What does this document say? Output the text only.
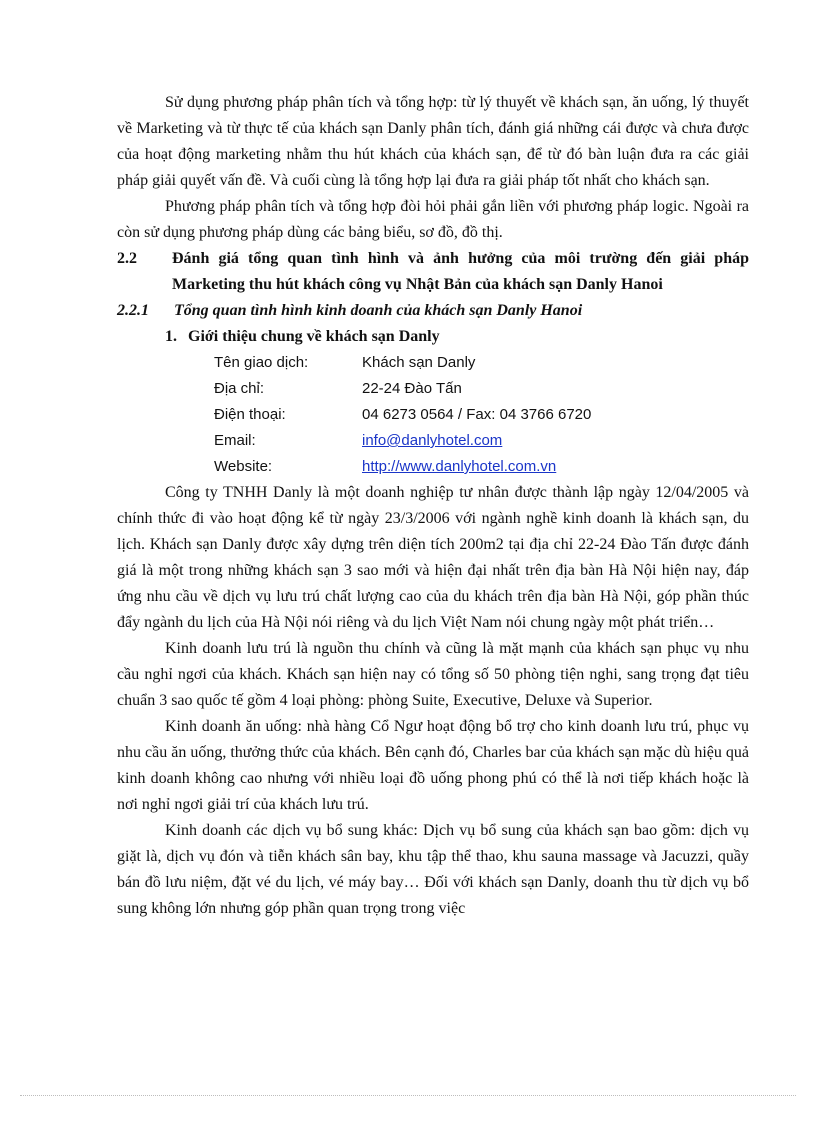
Sử dụng phương pháp phân tích và tổng hợp: từ lý thuyết về khách sạn, ăn uống, lý thuyết về Marketing và từ thực tế của khách sạn Danly phân tích, đánh giá những cái được và chưa được của hoạt động marketing nhằm thu hút khách của khách sạn, để từ đó bàn luận đưa ra các giải pháp giải quyết vấn đề. Và cuối cùng là tổng hợp lại đưa ra giải pháp tốt nhất cho khách sạn.

Phương pháp phân tích và tổng hợp đòi hỏi phải gắn liền với phương pháp logic. Ngoài ra còn sử dụng phương pháp dùng các bảng biểu, sơ đồ, đồ thị.

2.2	Đánh giá tổng quan tình hình và ảnh hưởng của môi trường đến giải pháp Marketing thu hút khách công vụ Nhật Bản của khách sạn Danly Hanoi
2.2.1	Tổng quan tình hình kinh doanh của khách sạn Danly Hanoi
1. Giới thiệu chung về khách sạn Danly
Tên giao dịch:	Khách sạn Danly
Địa chỉ:	22-24 Đào Tấn
Điện thoại:	04 6273 0564 / Fax: 04 3766 6720
Email:	info@danlyhotel.com
Website:	http://www.danlyhotel.com.vn

Công ty TNHH Danly là một doanh nghiệp tư nhân được thành lập ngày 12/04/2005 và chính thức đi vào hoạt động kể từ ngày 23/3/2006 với ngành nghề kinh doanh là khách sạn, du lịch. Khách sạn Danly được xây dựng trên diện tích 200m2 tại địa chỉ 22-24 Đào Tấn được đánh giá là một trong những khách sạn 3 sao mới và hiện đại nhất trên địa bàn Hà Nội hiện nay, đáp ứng nhu cầu về dịch vụ lưu trú chất lượng cao của du khách trên địa bàn Hà Nội, góp phần thúc đẩy ngành du lịch của Hà Nội nói riêng và du lịch Việt Nam nói chung ngày một phát triển…

Kinh doanh lưu trú là nguồn thu chính và cũng là mặt mạnh của khách sạn phục vụ nhu cầu nghỉ ngơi của khách. Khách sạn hiện nay có tổng số 50 phòng tiện nghi, sang trọng đạt tiêu chuẩn 3 sao quốc tế gồm 4 loại phòng: phòng Suite, Executive, Deluxe và Superior.

Kinh doanh ăn uống: nhà hàng Cổ Ngư hoạt động bổ trợ cho kinh doanh lưu trú, phục vụ nhu cầu ăn uống, thưởng thức của khách. Bên cạnh đó, Charles bar của khách sạn mặc dù hiệu quả kinh doanh không cao nhưng với nhiều loại đồ uống phong phú có thể là nơi tiếp khách hoặc là nơi nghỉ ngơi giải trí của khách lưu trú.

Kinh doanh các dịch vụ bổ sung khác: Dịch vụ bổ sung của khách sạn bao gồm: dịch vụ giặt là, dịch vụ đón và tiễn khách sân bay, khu tập thể thao, khu sauna massage và Jacuzzi, quầy bán đồ lưu niệm, đặt vé du lịch, vé máy bay… Đối với khách sạn Danly, doanh thu từ dịch vụ bổ sung không lớn nhưng góp phần quan trọng trong việc
